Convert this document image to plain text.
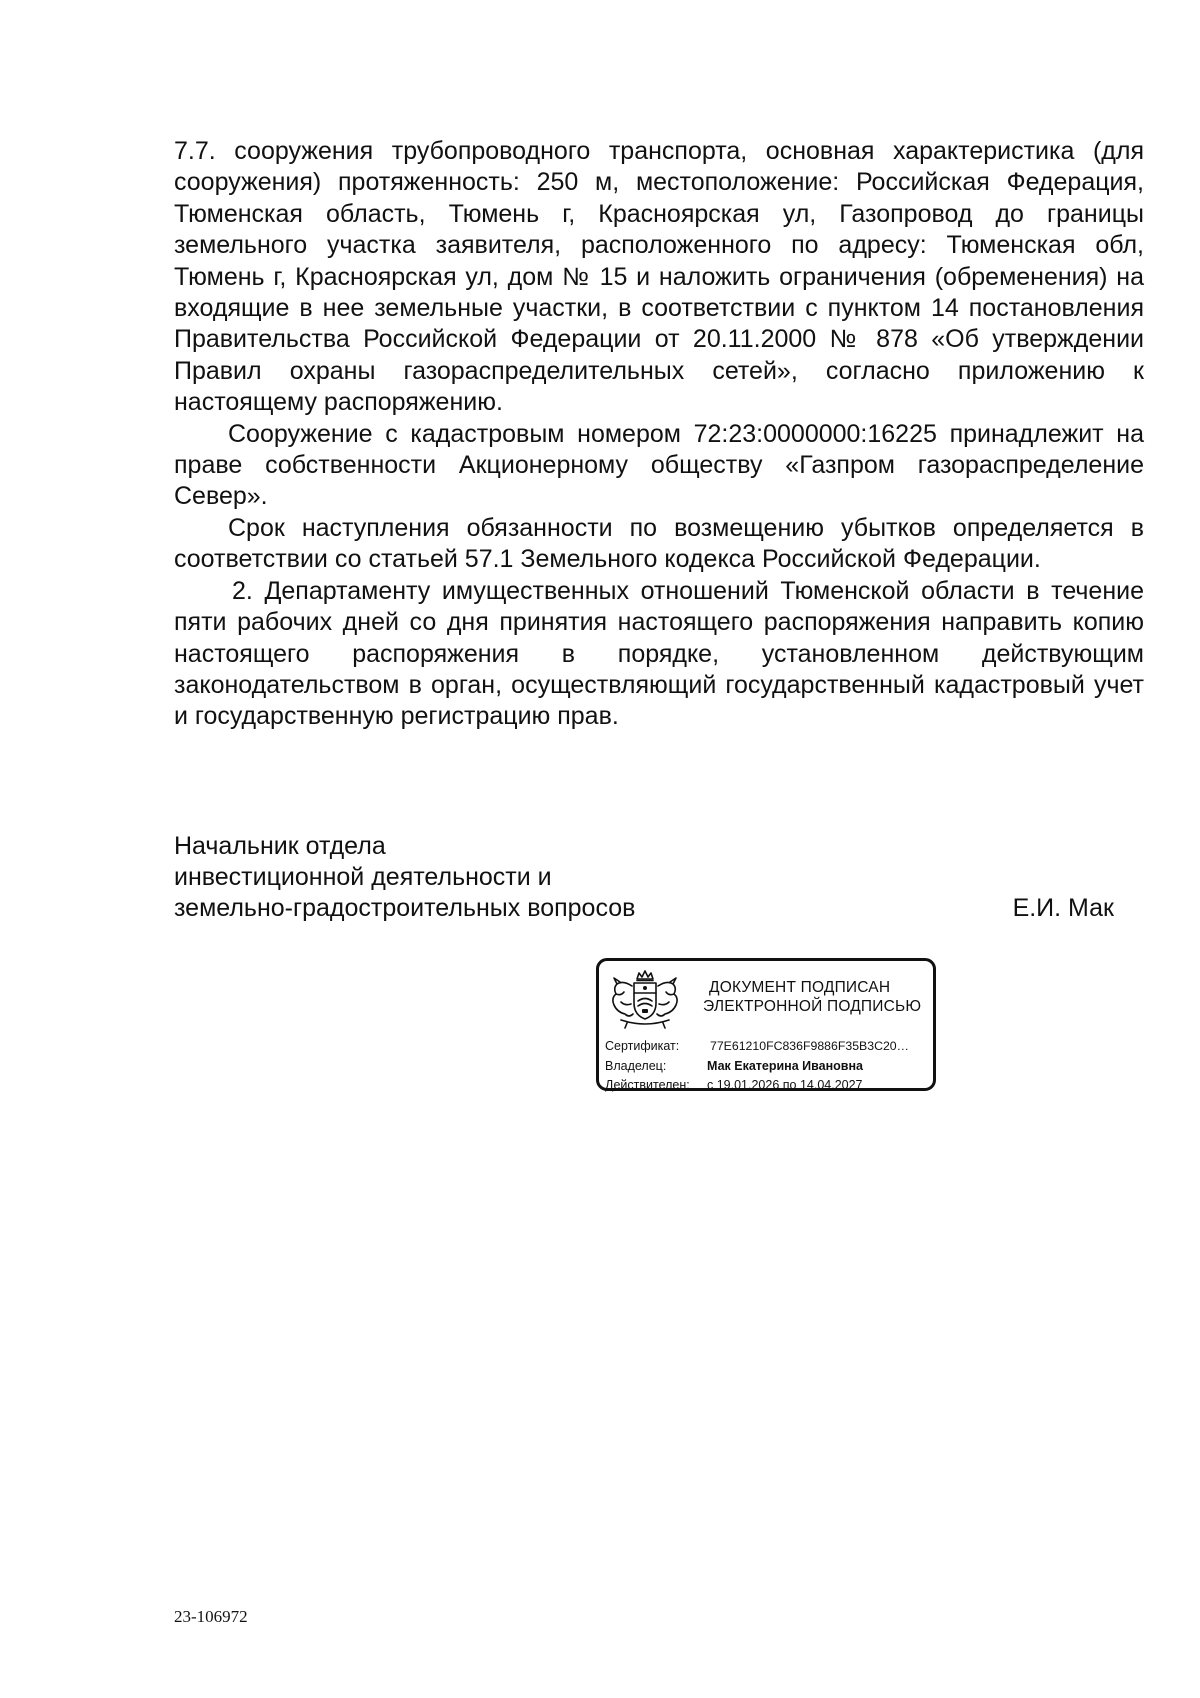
7.7. сооружения трубопроводного транспорта, основная характеристика (для сооружения) протяженность: 250 м, местоположение: Российская Федерация, Тюменская область, Тюмень г, Красноярская ул, Газопровод до границы земельного участка заявителя, расположенного по адресу: Тюменская обл, Тюмень г, Красноярская ул, дом № 15 и наложить ограничения (обременения) на входящие в нее земельные участки, в соответствии с пунктом 14 постановления Правительства Российской Федерации от 20.11.2000 № 878 «Об утверждении Правил охраны газораспределительных сетей», согласно приложению к настоящему распоряжению.

Сооружение с кадастровым номером 72:23:0000000:16225 принадлежит на праве собственности Акционерному обществу «Газпром газораспределение Север».

Срок наступления обязанности по возмещению убытков определяется в соответствии со статьей 57.1 Земельного кодекса Российской Федерации.

2. Департаменту имущественных отношений Тюменской области в течение пяти рабочих дней со дня принятия настоящего распоряжения направить копию настоящего распоряжения в порядке, установленном действующим законодательством в орган, осуществляющий государственный кадастровый учет и государственную регистрацию прав.

Начальник отдела
инвестиционной деятельности и
земельно-градостроительных вопросов	Е.И. Мак
ДОКУМЕНТ ПОДПИСАН
ЭЛЕКТРОННОЙ ПОДПИСЬЮ
Сертификат:	77E61210FC836F9886F35B3C20…
Владелец:	Мак Екатерина Ивановна
Действителен: с 19.01.2026 по 14.04.2027
23-106972
